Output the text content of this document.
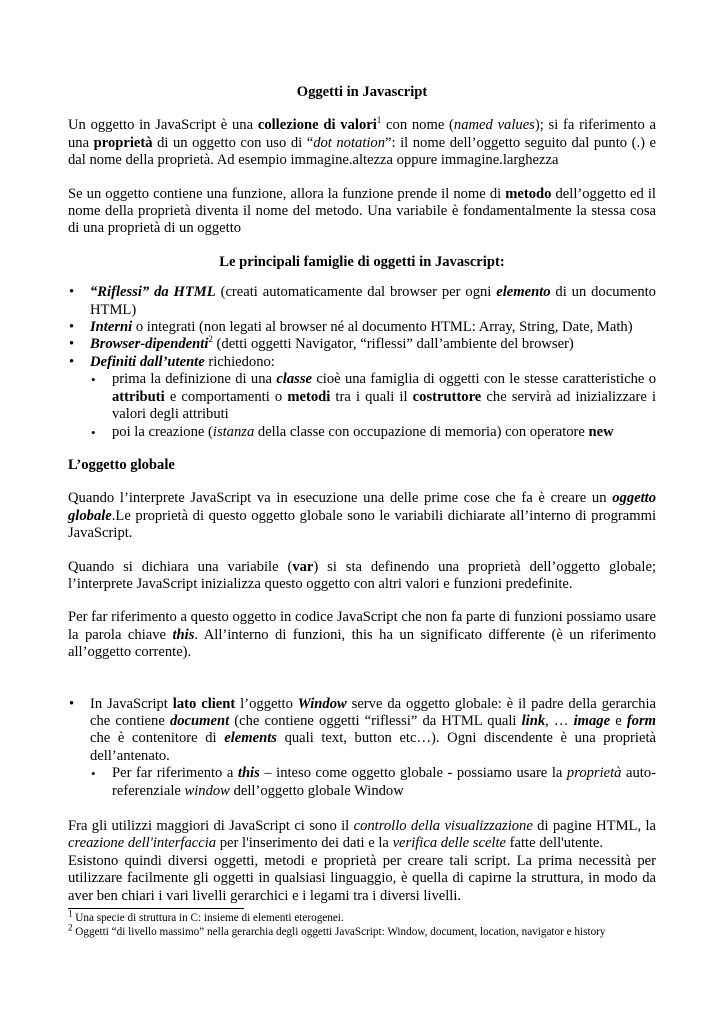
Oggetti in Javascript

Un oggetto in JavaScript è una collezione di valori$^1$ con nome (named values); si fa riferimento a una proprietà di un oggetto con uso di “dot notation”: il nome dell’oggetto seguito dal punto (.) e dal nome della proprietà. Ad esempio immagine.altezza oppure immagine.larghezza

Se un oggetto contiene una funzione, allora la funzione prende il nome di metodo dell’oggetto ed il nome della proprietà diventa il nome del metodo. Una variabile è fondamentalmente la stessa cosa di una proprietà di un oggetto

Le principali famiglie di oggetti in Javascript:
• “Riflessi” da HTML (creati automaticamente dal browser per ogni elemento di un documento HTML)
• Interni o integrati (non legati al browser né al documento HTML: Array, String, Date, Math)
• Browser-dipendenti$^2$ (detti oggetti Navigator, “riflessi” dall’ambiente del browser)
• Definiti dall’utente richiedono:
• prima la definizione di una classe cioè una famiglia di oggetti con le stesse caratteristiche o attributi e comportamenti o metodi tra i quali il costruttore che servirà ad inizializzare i valori degli attributi
• poi la creazione (istanza della classe con occupazione di memoria) con operatore new
L’oggetto globale

Quando l’interprete JavaScript va in esecuzione una delle prime cose che fa è creare un oggetto globale.Le proprietà di questo oggetto globale sono le variabili dichiarate all’interno di programmi JavaScript.

Quando si dichiara una variabile (var) si sta definendo una proprietà dell’oggetto globale; l’interprete JavaScript inizializza questo oggetto con altri valori e funzioni predefinite.

Per far riferimento a questo oggetto in codice JavaScript che non fa parte di funzioni possiamo usare la parola chiave this. All’interno di funzioni, this ha un significato differente (è un riferimento all’oggetto corrente).

• In JavaScript lato client l’oggetto Window serve da oggetto globale: è il padre della gerarchia che contiene document (che contiene oggetti “riflessi” da HTML quali link, … image e form che è contenitore di elements quali text, button etc…). Ogni discendente è una proprietà dell’antenato.
• Per far riferimento a this – inteso come oggetto globale - possiamo usare la proprietà auto-referenziale window dell’oggetto globale Window

Fra gli utilizzi maggiori di JavaScript ci sono il controllo della visualizzazione di pagine HTML, la creazione dell'interfaccia per l'inserimento dei dati e la verifica delle scelte fatte dell'utente.

Esistono quindi diversi oggetti, metodi e proprietà per creare tali script. La prima necessità per utilizzare facilmente gli oggetti in qualsiasi linguaggio, è quella di capirne la struttura, in modo da aver ben chiari i vari livelli gerarchici e i legami tra i diversi livelli.

$^1$ Una specie di struttura in C: insieme di elementi eterogenei.
$^2$ Oggetti “di livello massimo” nella gerarchia degli oggetti JavaScript: Window, document, location, navigator e history
